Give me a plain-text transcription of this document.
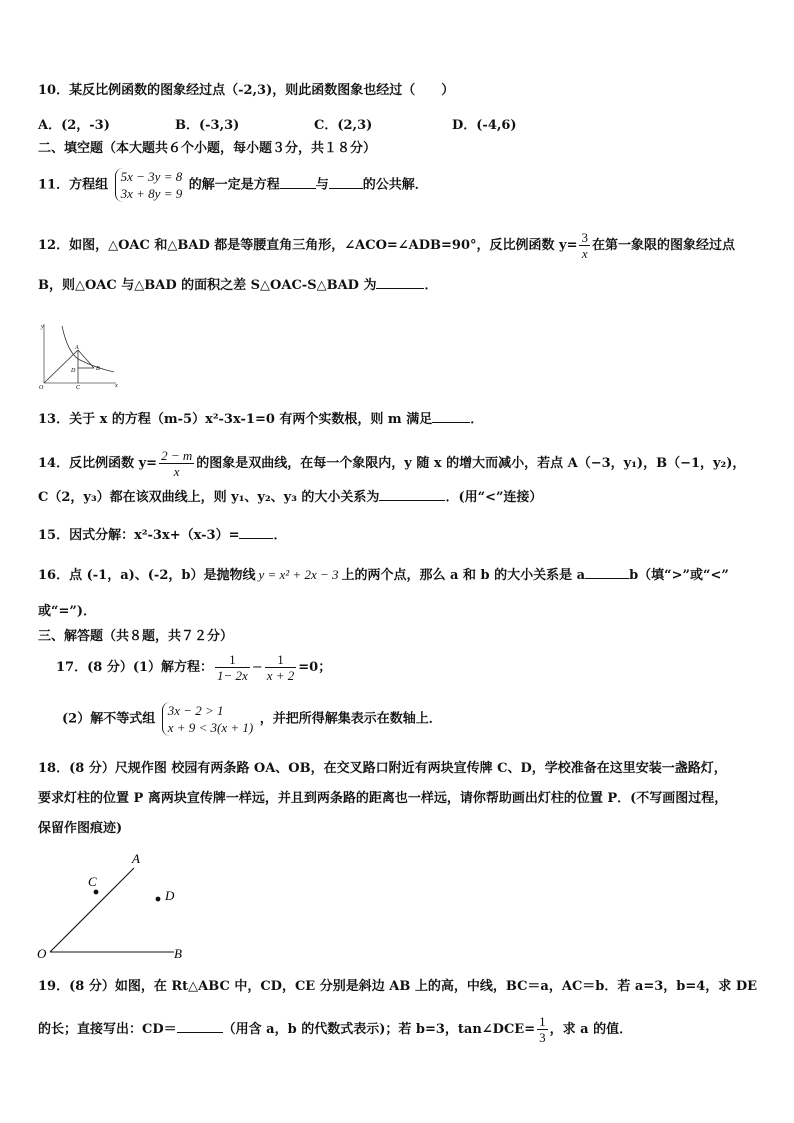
10．某反比例函数的图象经过点（-2,3)，则此函数图象也经过（　　）
A．(2，-3)	B．(-3,3)	C．(2,3)	D．(-4,6)
二、填空题（本大题共６个小题，每小题３分，共１８分）
11．方程组
5x − 3y = 8
3x + 8y = 9
的解一定是方程	与	的公共解．
12．如图，△OAC 和△BAD 都是等腰直角三角形，∠ACO=∠ADB=90°，反比例函数 $y= \frac{3}{x}$ 在第一象限的图象经过点
B，则△OAC 与△BAD 的面积之差 S△OAC-S△BAD 为	．
y
A
D	B
O	C	x
13．关于 x 的方程（m-5）x²-3x-1=0 有两个实数根，则 m 满足	．
14．反比例函数 $y= \frac{2 - m}{x}$ 的图象是双曲线，在每一个象限内，y 随 x 的增大而减小，若点 A（−3，y₁)，B（−1，y₂)，
C（2，y₃）都在该双曲线上，则 y₁、y₂、y₃ 的大小关系为	．(用“<”连接）
15．因式分解：x²-3x+（x-3）=	．
16．点 (-1，a)、(-2，b）是抛物线 y = x² + 2x − 3 上的两个点，那么 a 和 b 的大小关系是 a	b（填“>”或“<”
或“=”)．
三、解答题（共８题，共７２分）
17．(8 分）(1）解方程： $\frac{1}{1- 2x} - \frac{1}{x + 2} =0$；
(2）解不等式组
3x − 2 > 1
x + 9 < 3(x + 1)
，并把所得解集表示在数轴上．
18．(8 分）尺规作图 校园有两条路 OA、OB，在交叉路口附近有两块宣传牌 C、D，学校准备在这里安装一盏路灯，
要求灯柱的位置 P 离两块宣传牌一样远，并且到两条路的距离也一样远，请你帮助画出灯柱的位置 P．(不写画图过程，
保留作图痕迹)
A
C
D
O	B
19．(8 分）如图，在 Rt△ABC 中，CD，CE 分别是斜边 AB 上的高，中线，BC＝a，AC＝b．若 a=3，b=4，求 DE
的长；直接写出：CD＝	（用含 a，b 的代数式表示)；若 b=3，tan∠DCE= $\frac{1}{3}$ ，求 a 的值．
